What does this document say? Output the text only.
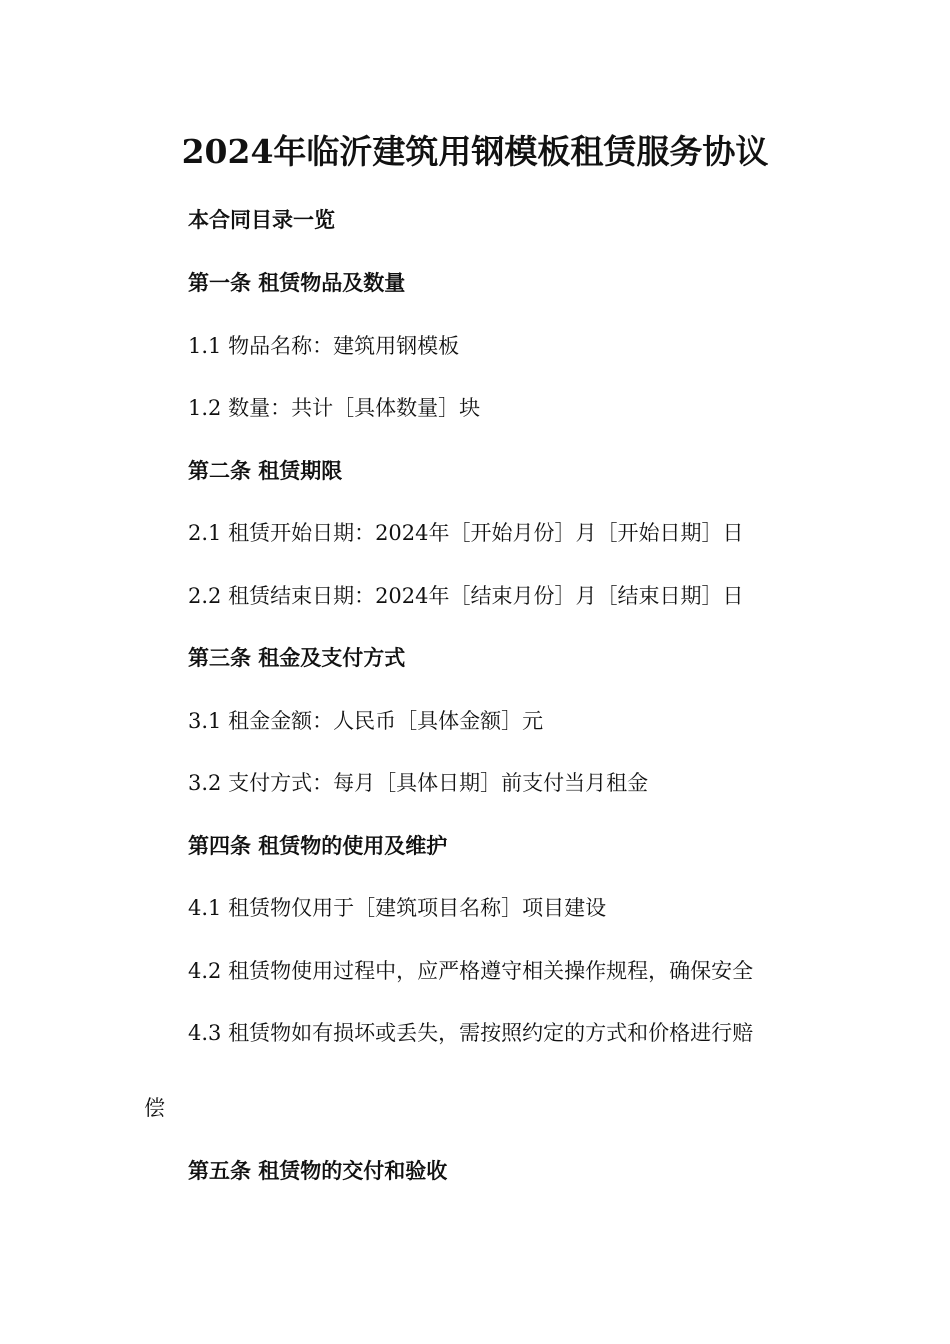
2024年临沂建筑用钢模板租赁服务协议
本合同目录一览
第一条 租赁物品及数量
1.1 物品名称：建筑用钢模板
1.2 数量：共计［具体数量］块
第二条 租赁期限
2.1 租赁开始日期：2024年［开始月份］月［开始日期］日
2.2 租赁结束日期：2024年［结束月份］月［结束日期］日
第三条 租金及支付方式
3.1 租金金额：人民币［具体金额］元
3.2 支付方式：每月［具体日期］前支付当月租金
第四条 租赁物的使用及维护
4.1 租赁物仅用于［建筑项目名称］项目建设
4.2 租赁物使用过程中，应严格遵守相关操作规程，确保安全
4.3 租赁物如有损坏或丢失，需按照约定的方式和价格进行赔
偿
第五条 租赁物的交付和验收
